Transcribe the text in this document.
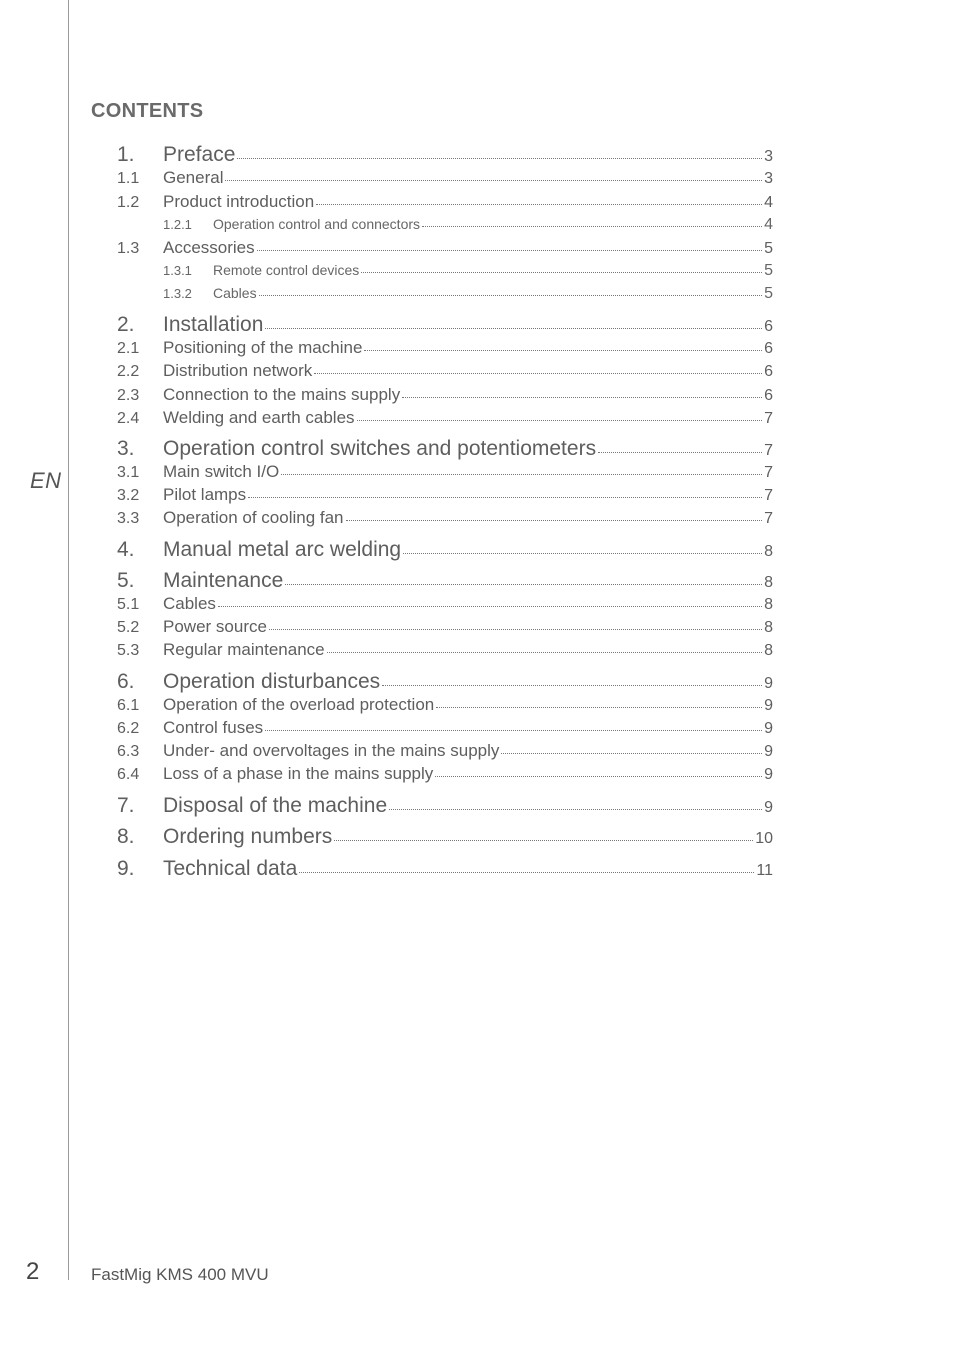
EN
CONTENTS
1.	Preface	3
1.1	General	3
1.2	Product introduction	4
1.2.1	Operation control and connectors	4
1.3	Accessories	5
1.3.1	Remote control devices	5
1.3.2	Cables	5
2.	Installation	6
2.1	Positioning of the machine	6
2.2	Distribution network	6
2.3	Connection to the mains supply	6
2.4	Welding and earth cables	7
3.	Operation control switches and potentiometers	7
3.1	Main switch I/O	7
3.2	Pilot lamps	7
3.3	Operation of cooling fan	7
4.	Manual metal arc welding	8
5.	Maintenance	8
5.1	Cables	8
5.2	Power source	8
5.3	Regular maintenance	8
6.	Operation disturbances	9
6.1	Operation of the overload protection	9
6.2	Control fuses	9
6.3	Under- and overvoltages in the mains supply	9
6.4	Loss of a phase in the mains supply	9
7.	Disposal of the machine	9
8.	Ordering numbers	10
9.	Technical data	11
2	FastMig KMS 400 MVU
